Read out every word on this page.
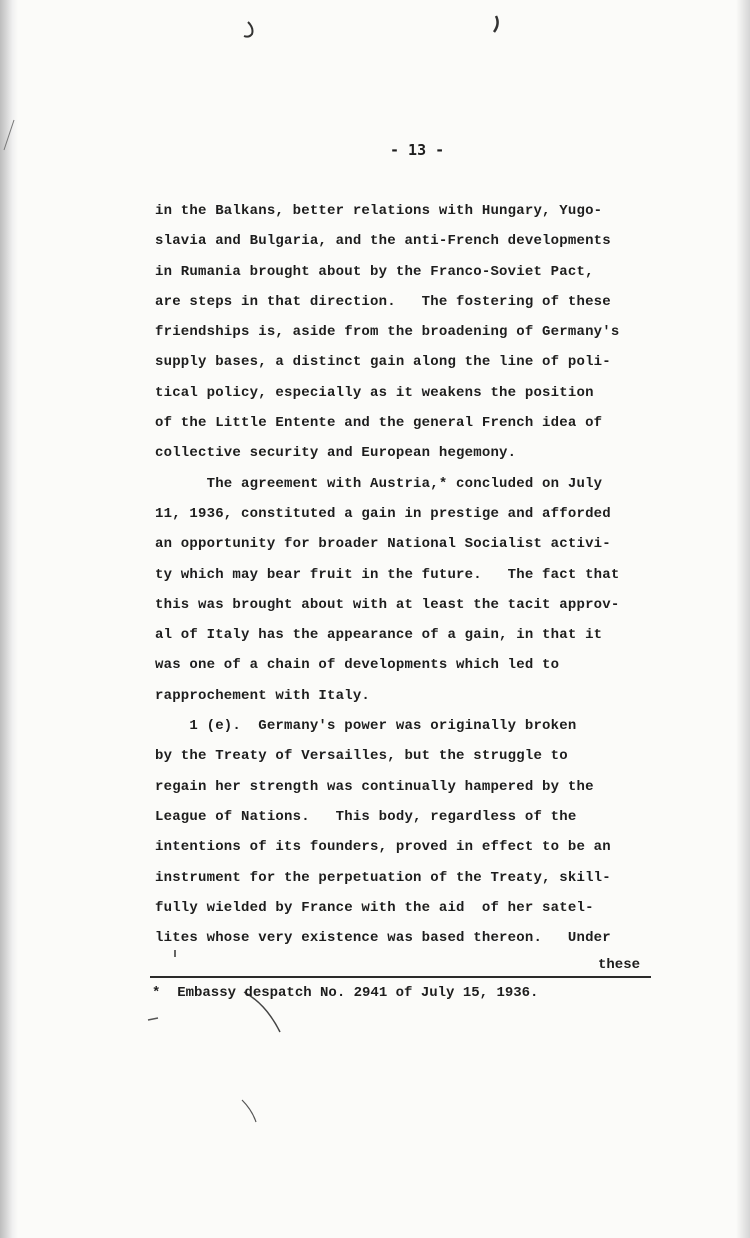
- 13 -
in the Balkans, better relations with Hungary, Yugo-
slavia and Bulgaria, and the anti-French developments
in Rumania brought about by the Franco-Soviet Pact,
are steps in that direction.   The fostering of these
friendships is, aside from the broadening of Germany's
supply bases, a distinct gain along the line of poli-
tical policy, especially as it weakens the position
of the Little Entente and the general French idea of
collective security and European hegemony.
The agreement with Austria,* concluded on July
11, 1936, constituted a gain in prestige and afforded
an opportunity for broader National Socialist activi-
ty which may bear fruit in the future.   The fact that
this was brought about with at least the tacit approv-
al of Italy has the appearance of a gain, in that it
was one of a chain of developments which led to
rapprochement with Italy.
1 (e).  Germany's power was originally broken
by the Treaty of Versailles, but the struggle to
regain her strength was continually hampered by the
League of Nations.   This body, regardless of the
intentions of its founders, proved in effect to be an
instrument for the perpetuation of the Treaty, skill-
fully wielded by France with the aid  of her satel-
lites whose very existence was based thereon.   Under
these
*  Embassy despatch No. 2941 of July 15, 1936.
